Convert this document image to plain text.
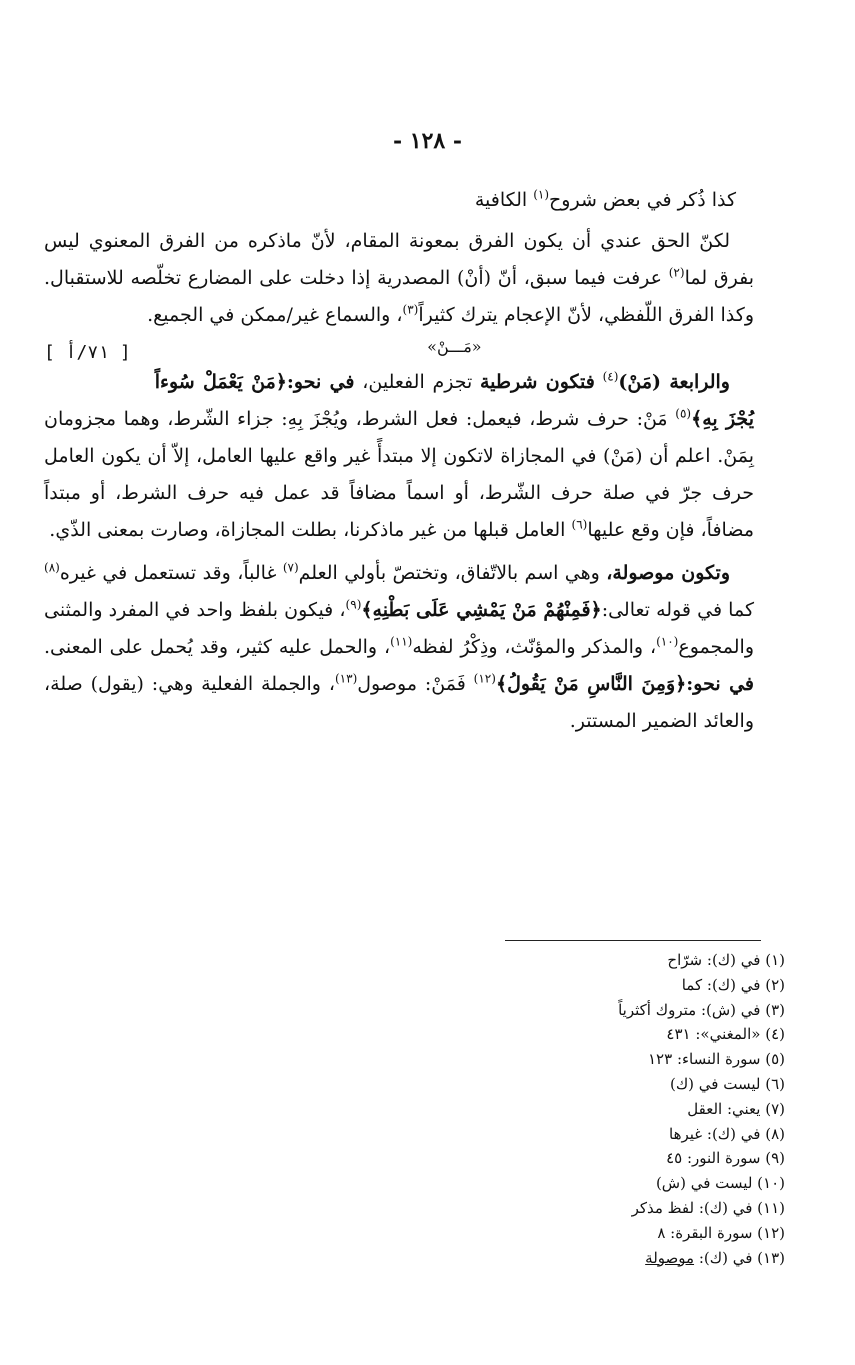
- ١٢٨ -

كذا ذُكر في بعض شروح$^{(١)}$ الكافية

لكنّ الحق عندي أن يكون الفرق بمعونة المقام، لأنّ ماذكره من الفرق المعنوي ليس بفرق لما$^{(٢)}$ عرفت فيما سبق، أنّ (أنْ) المصدرية إذا دخلت على المضارع تخلّصه للاستقبال. وكذا الفرق اللّفظي، لأنّ الإعجام يترك كثيراً$^{(٣)}$، والسماع غير/ممكن في الجميع.
[ ٧١/أ ]	«مَـــنْ»

والرابعة (مَنْ)$^{(٤)}$ فتكون شرطية تجزم الفعلين، في نحو:﴿مَنْ يَعْمَلْ سُوءاً يُجْزَ بِهِ﴾$^{(٥)}$ مَنْ: حرف شرط، فيعمل: فعل الشرط، ويُجْزَ بِهِ: جزاء الشّرط، وهما مجزومان بِمَنْ. اعلم أن (مَنْ) في المجازاة لاتكون إلا مبتدأً غير واقع عليها العامل، إلاّ أن يكون العامل حرف جرّ في صلة حرف الشّرط، أو اسماً مضافاً قد عمل فيه حرف الشرط، أو مبتداً مضافاً، فإن وقع عليها$^{(٦)}$ العامل قبلها من غير ماذكرنا، بطلت المجازاة، وصارت بمعنى الذّي.

وتكون موصولة، وهي اسم بالاتّفاق، وتختصّ بأولي العلم$^{(٧)}$ غالباً، وقد تستعمل في غيره$^{(٨)}$ كما في قوله تعالى:﴿فَمِنْهُمْ مَنْ يَمْشِي عَلَى بَطْنِهِ﴾$^{(٩)}$، فيكون بلفظ واحد في المفرد والمثنى والمجموع$^{(١٠)}$، والمذكر والمؤنّث، وذِكْرُ لفظه$^{(١١)}$، والحمل عليه كثير، وقد يُحمل على المعنى. في نحو:﴿وَمِنَ النَّاسِ مَنْ يَقُولُ﴾$^{(١٢)}$ فَمَنْ: موصول$^{(١٣)}$، والجملة الفعلية وهي: (يقول) صلة، والعائد الضمير المستتر.

(١) في (ك): شرّاح
(٢) في (ك): كما
(٣) في (ش): متروك أكثرياً
(٤) «المغني»: ٤٣١
(٥) سورة النساء: ١٢٣
(٦) ليست في (ك)
(٧) يعني: العقل
(٨) في (ك): غيرها
(٩) سورة النور: ٤٥
(١٠) ليست في (ش)
(١١) في (ك): لفظ مذكر
(١٢) سورة البقرة: ٨
(١٣) في (ك): موصولة
